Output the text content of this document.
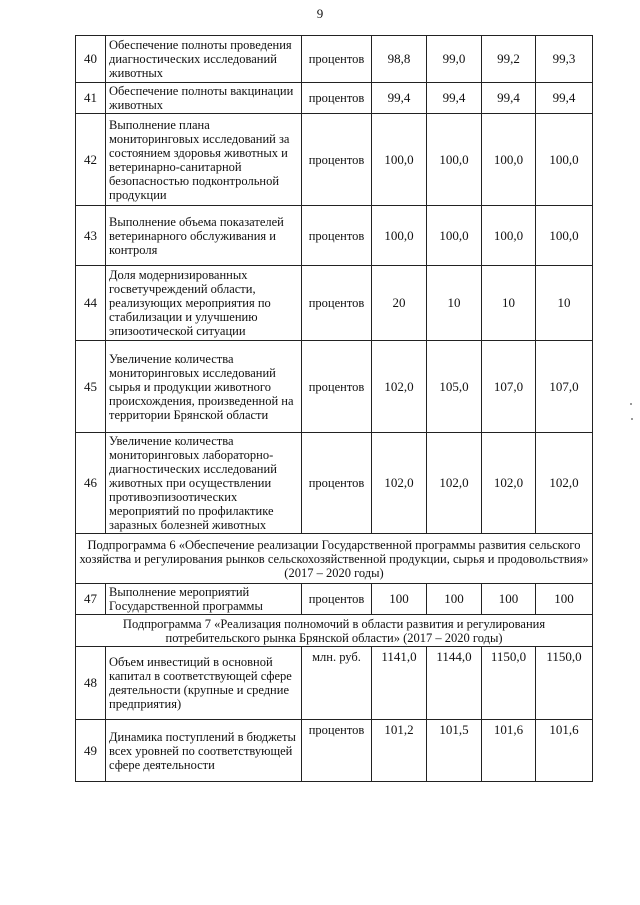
9
40	Обеспечение полноты проведения диагностических исследований животных	процентов	98,8	99,0	99,2	99,3
41	Обеспечение полноты вакцинации животных	процентов	99,4	99,4	99,4	99,4
42	Выполнение плана мониторинговых исследований за состоянием здоровья животных и ветеринарно-санитарной безопасностью подконтрольной продукции	процентов	100,0	100,0	100,0	100,0
43	Выполнение объема показателей ветеринарного обслуживания и контроля	процентов	100,0	100,0	100,0	100,0
44	Доля модернизированных госветучреждений области, реализующих мероприятия по стабилизации и улучшению эпизоотической ситуации	процентов	20	10	10	10
45	Увеличение количества мониторинговых исследований сырья и продукции животного происхождения, произведенной на территории Брянской области	процентов	102,0	105,0	107,0	107,0
46	Увеличение количества мониторинговых лабораторно-диагностических исследований животных при осуществлении противоэпизоотических мероприятий по профилактике заразных болезней животных	процентов	102,0	102,0	102,0	102,0
Подпрограмма 6 «Обеспечение реализации Государственной программы развития сельского хозяйства и регулирования рынков сельскохозяйственной продукции, сырья и продовольствия» (2017 – 2020 годы)						
47	Выполнение мероприятий Государственной программы	процентов	100	100	100	100
Подпрограмма 7 «Реализация полномочий в области развития и регулирования потребительского рынка Брянской области» (2017 – 2020 годы)						
48	Объем инвестиций в основной капитал в соответствующей сфере деятельности (крупные и средние предприятия)	млн. руб.	1141,0	1144,0	1150,0	1150,0
49	Динамика поступлений в бюджеты всех уровней по соответствующей сфере деятельности	процентов	101,2	101,5	101,6	101,6
